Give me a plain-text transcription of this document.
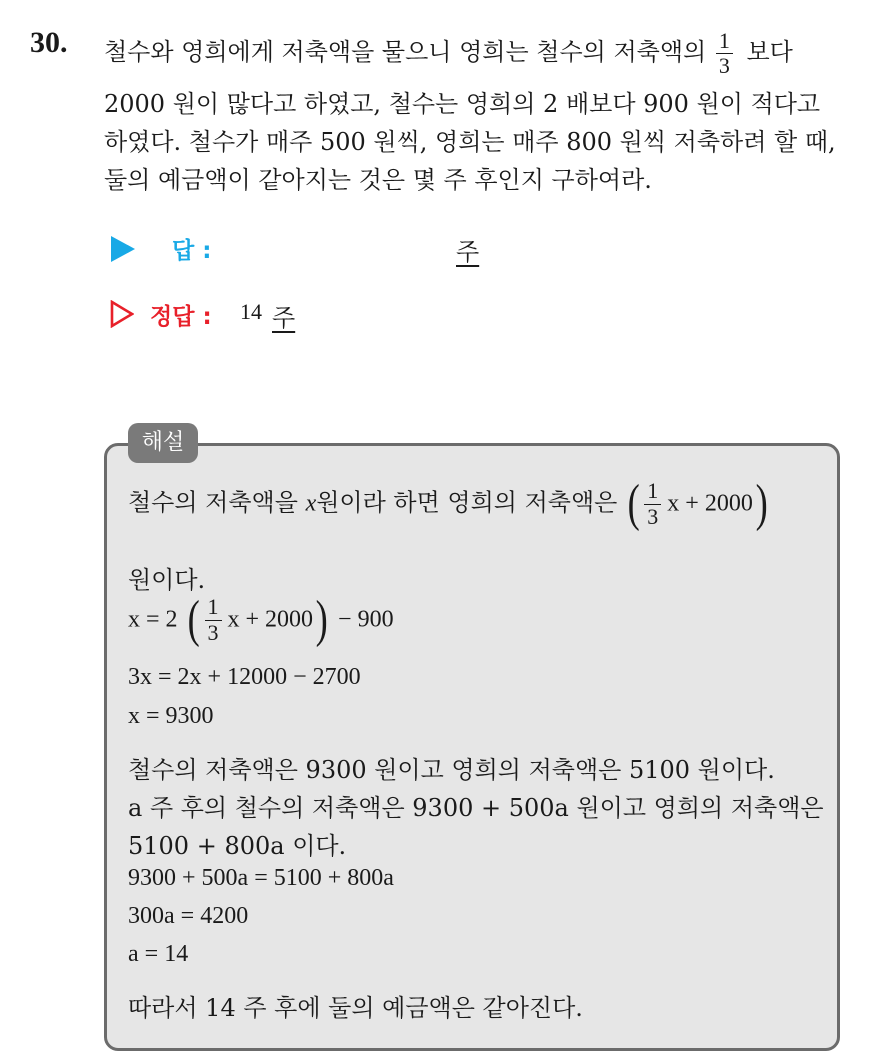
30. 철수와 영희에게 저축액을 물으니 영희는 철수의 저축액의 $\frac{1}{3}$ 보다
2000 원이 많다고 하였고, 철수는 영희의 2 배보다 900 원이 적다고
하였다. 철수가 매주 500 원씩, 영희는 매주 800 원씩 저축하려 할 때,
둘의 예금액이 같아지는 것은 몇 주 후인지 구하여라.
답 :	주
정답 : 14 주
해설
철수의 저축액을 x원이라 하면 영희의 저축액은 ( $\frac{1}{3}$ x + 2000)
원이다.
x = 2 ( $\frac{1}{3}$ x + 2000) − 900
3x = 2x + 12000 − 2700
x = 9300
철수의 저축액은 9300 원이고 영희의 저축액은 5100 원이다.
a 주 후의 철수의 저축액은 9300 + 500a 원이고 영희의 저축액은
5100 + 800a 이다.
9300 + 500a = 5100 + 800a
300a = 4200
a = 14
따라서 14 주 후에 둘의 예금액은 같아진다.
